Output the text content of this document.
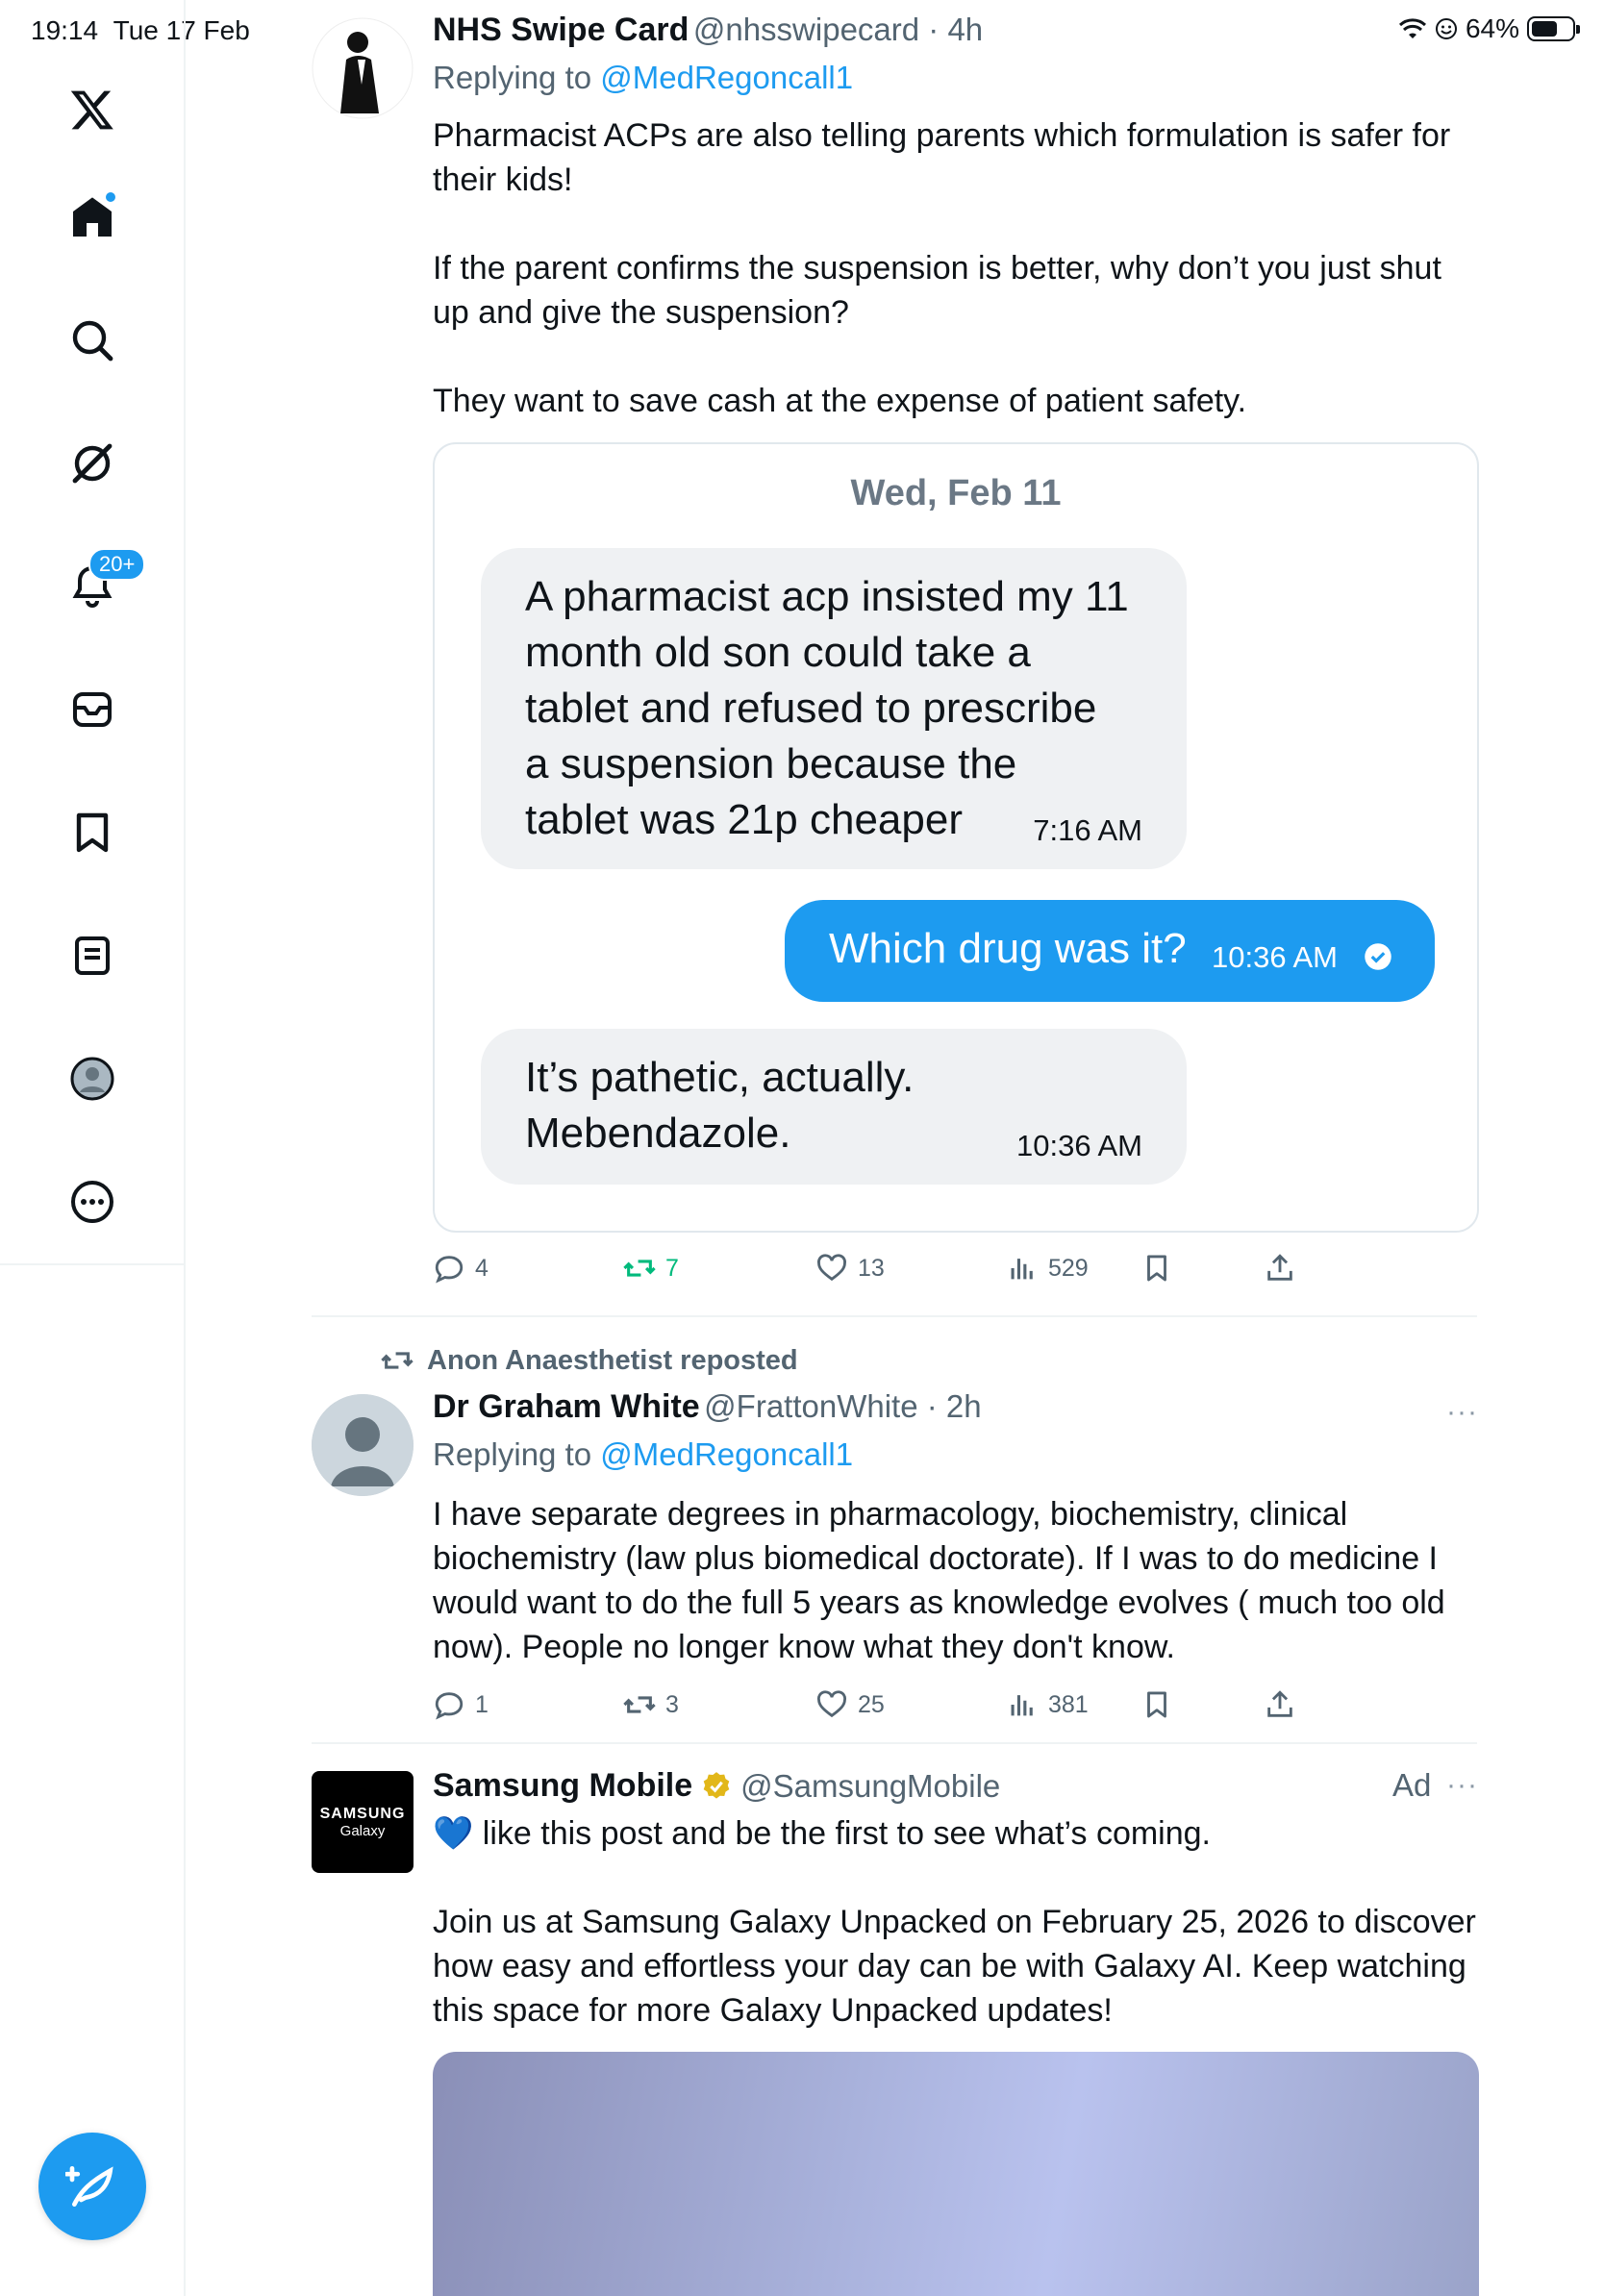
19:14 Tue 17 Feb	64%
20+
NHS Swipe Card @nhsswipecard · 4h
Replying to @MedRegoncall1
Pharmacist ACPs are also telling parents which formulation is safer for their kids!

If the parent confirms the suspension is better, why don’t you just shut up and give the suspension?

They want to save cash at the expense of patient safety.
Wed, Feb 11
A pharmacist acp insisted my 11
month old son could take a
tablet and refused to prescribe
a suspension because the
tablet was 21p cheaper	7:16 AM
Which drug was it? 10:36 AM
It’s pathetic, actually.
Mebendazole.	10:36 AM
4	7	13	529
Anon Anaesthetist reposted
Dr Graham White @FrattonWhite · 2h	···
Replying to @MedRegoncall1
I have separate degrees in pharmacology, biochemistry, clinical biochemistry (law plus biomedical doctorate). If I was to do medicine I would want to do the full 5 years as knowledge evolves ( much too old now). People no longer know what they don't know.
1	3	25	381
SAMSUNG
Galaxy
Samsung Mobile @SamsungMobile	Ad ···
💙 like this post and be the first to see what’s coming.
Join us at Samsung Galaxy Unpacked on February 25, 2026 to discover how easy and effortless your day can be with Galaxy AI. Keep watching this space for more Galaxy Unpacked updates!
